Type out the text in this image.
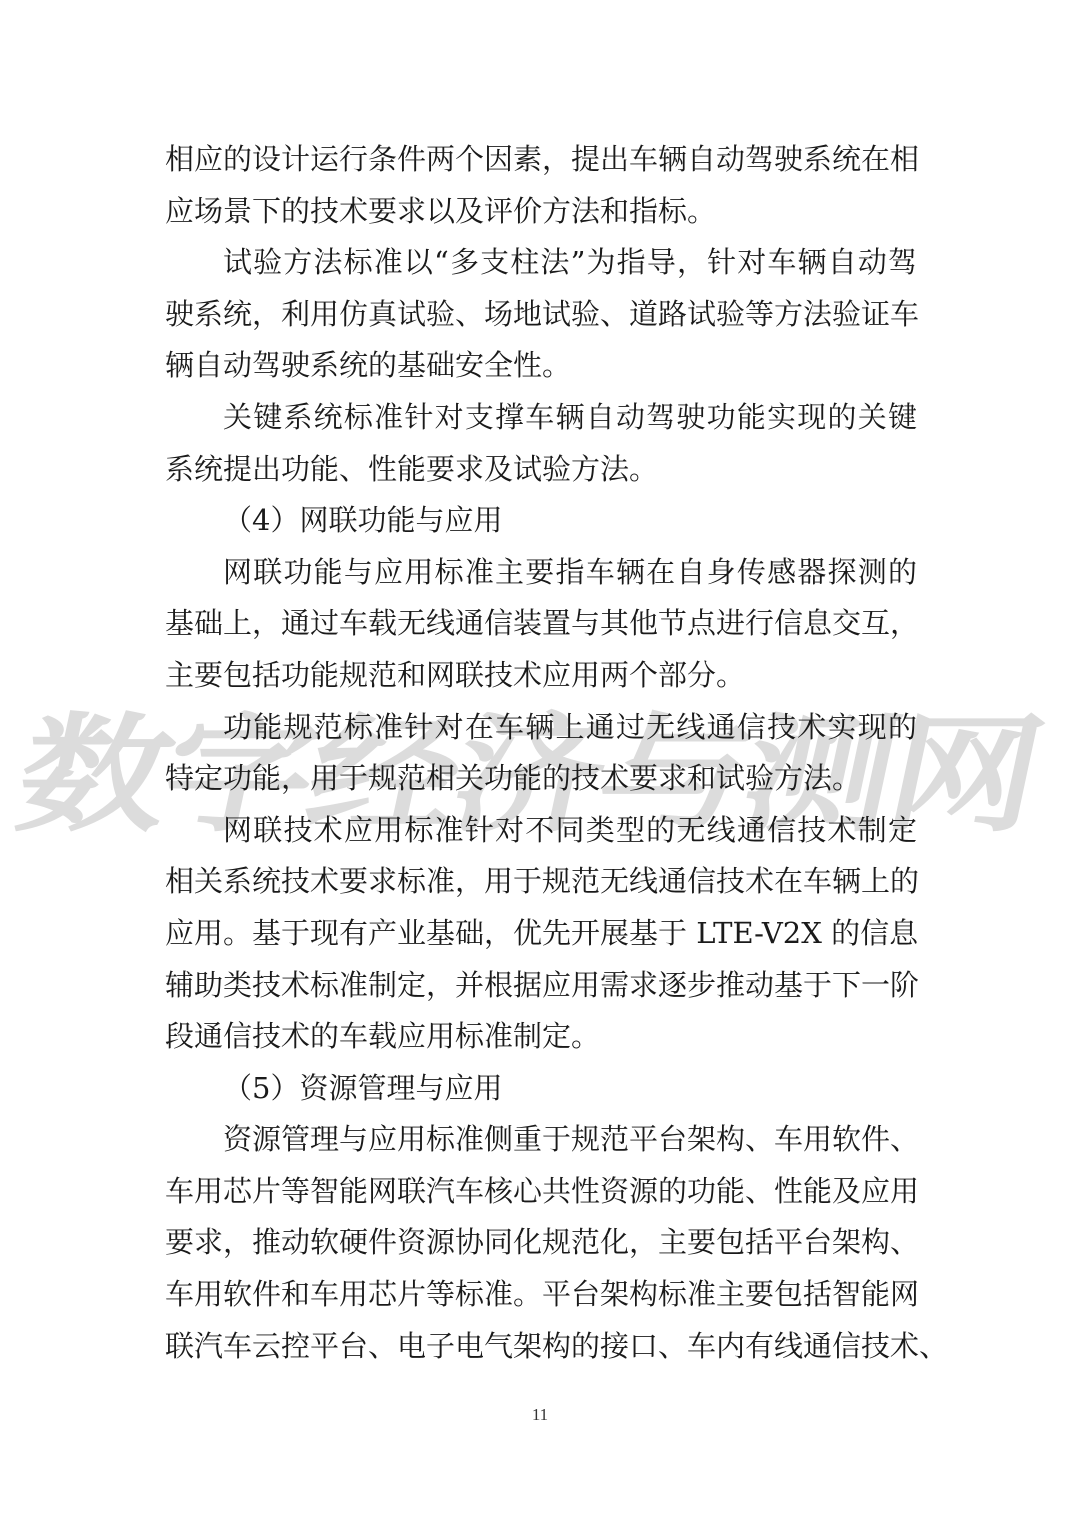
数字经济与测网
相应的设计运行条件两个因素，提出车辆自动驾驶系统在相
应场景下的技术要求以及评价方法和指标。
试验方法标准以“多支柱法”为指导，针对车辆自动驾
驶系统，利用仿真试验、场地试验、道路试验等方法验证车
辆自动驾驶系统的基础安全性。
关键系统标准针对支撑车辆自动驾驶功能实现的关键
系统提出功能、性能要求及试验方法。
（4）网联功能与应用
网联功能与应用标准主要指车辆在自身传感器探测的
基础上，通过车载无线通信装置与其他节点进行信息交互，
主要包括功能规范和网联技术应用两个部分。
功能规范标准针对在车辆上通过无线通信技术实现的
特定功能，用于规范相关功能的技术要求和试验方法。
网联技术应用标准针对不同类型的无线通信技术制定
相关系统技术要求标准，用于规范无线通信技术在车辆上的
应用。基于现有产业基础，优先开展基于 LTE-V2X 的信息
辅助类技术标准制定，并根据应用需求逐步推动基于下一阶
段通信技术的车载应用标准制定。
（5）资源管理与应用
资源管理与应用标准侧重于规范平台架构、车用软件、
车用芯片等智能网联汽车核心共性资源的功能、性能及应用
要求，推动软硬件资源协同化规范化，主要包括平台架构、
车用软件和车用芯片等标准。平台架构标准主要包括智能网
联汽车云控平台、电子电气架构的接口、车内有线通信技术、
11
